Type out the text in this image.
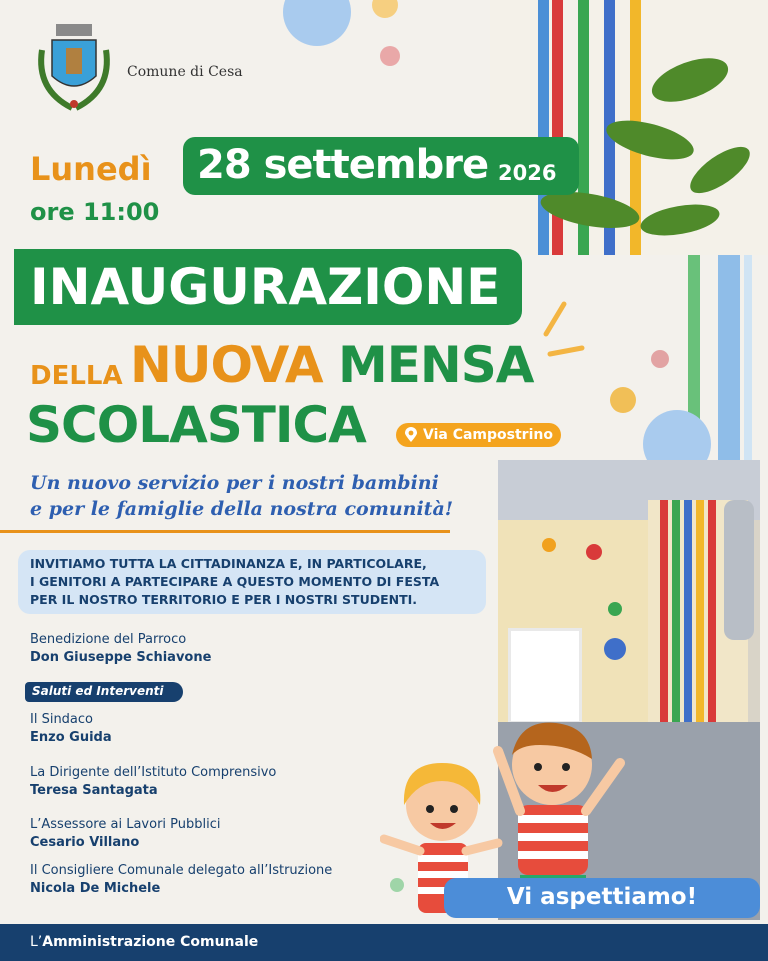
Comune di Cesa
Lunedì 28 settembre 2026
ore 11:00
INAUGURAZIONE
DELLA NUOVA MENSA
SCOLASTICA	Via Campostrino
Un nuovo servizio per i nostri bambini
e per le famiglie della nostra comunità!
INVITIAMO TUTTA LA CITTADINANZA E, IN PARTICOLARE,
I GENITORI A PARTECIPARE A QUESTO MOMENTO DI FESTA
PER IL NOSTRO TERRITORIO E PER I NOSTRI STUDENTI.
Benedizione del Parroco
Don Giuseppe Schiavone
Saluti ed Interventi
Il Sindaco
Enzo Guida
La Dirigente dell’Istituto Comprensivo
Teresa Santagata
L’Assessore ai Lavori Pubblici
Cesario Villano
Il Consigliere Comunale delegato all’Istruzione
Nicola De Michele	Vi aspettiamo!
L’Amministrazione Comunale
